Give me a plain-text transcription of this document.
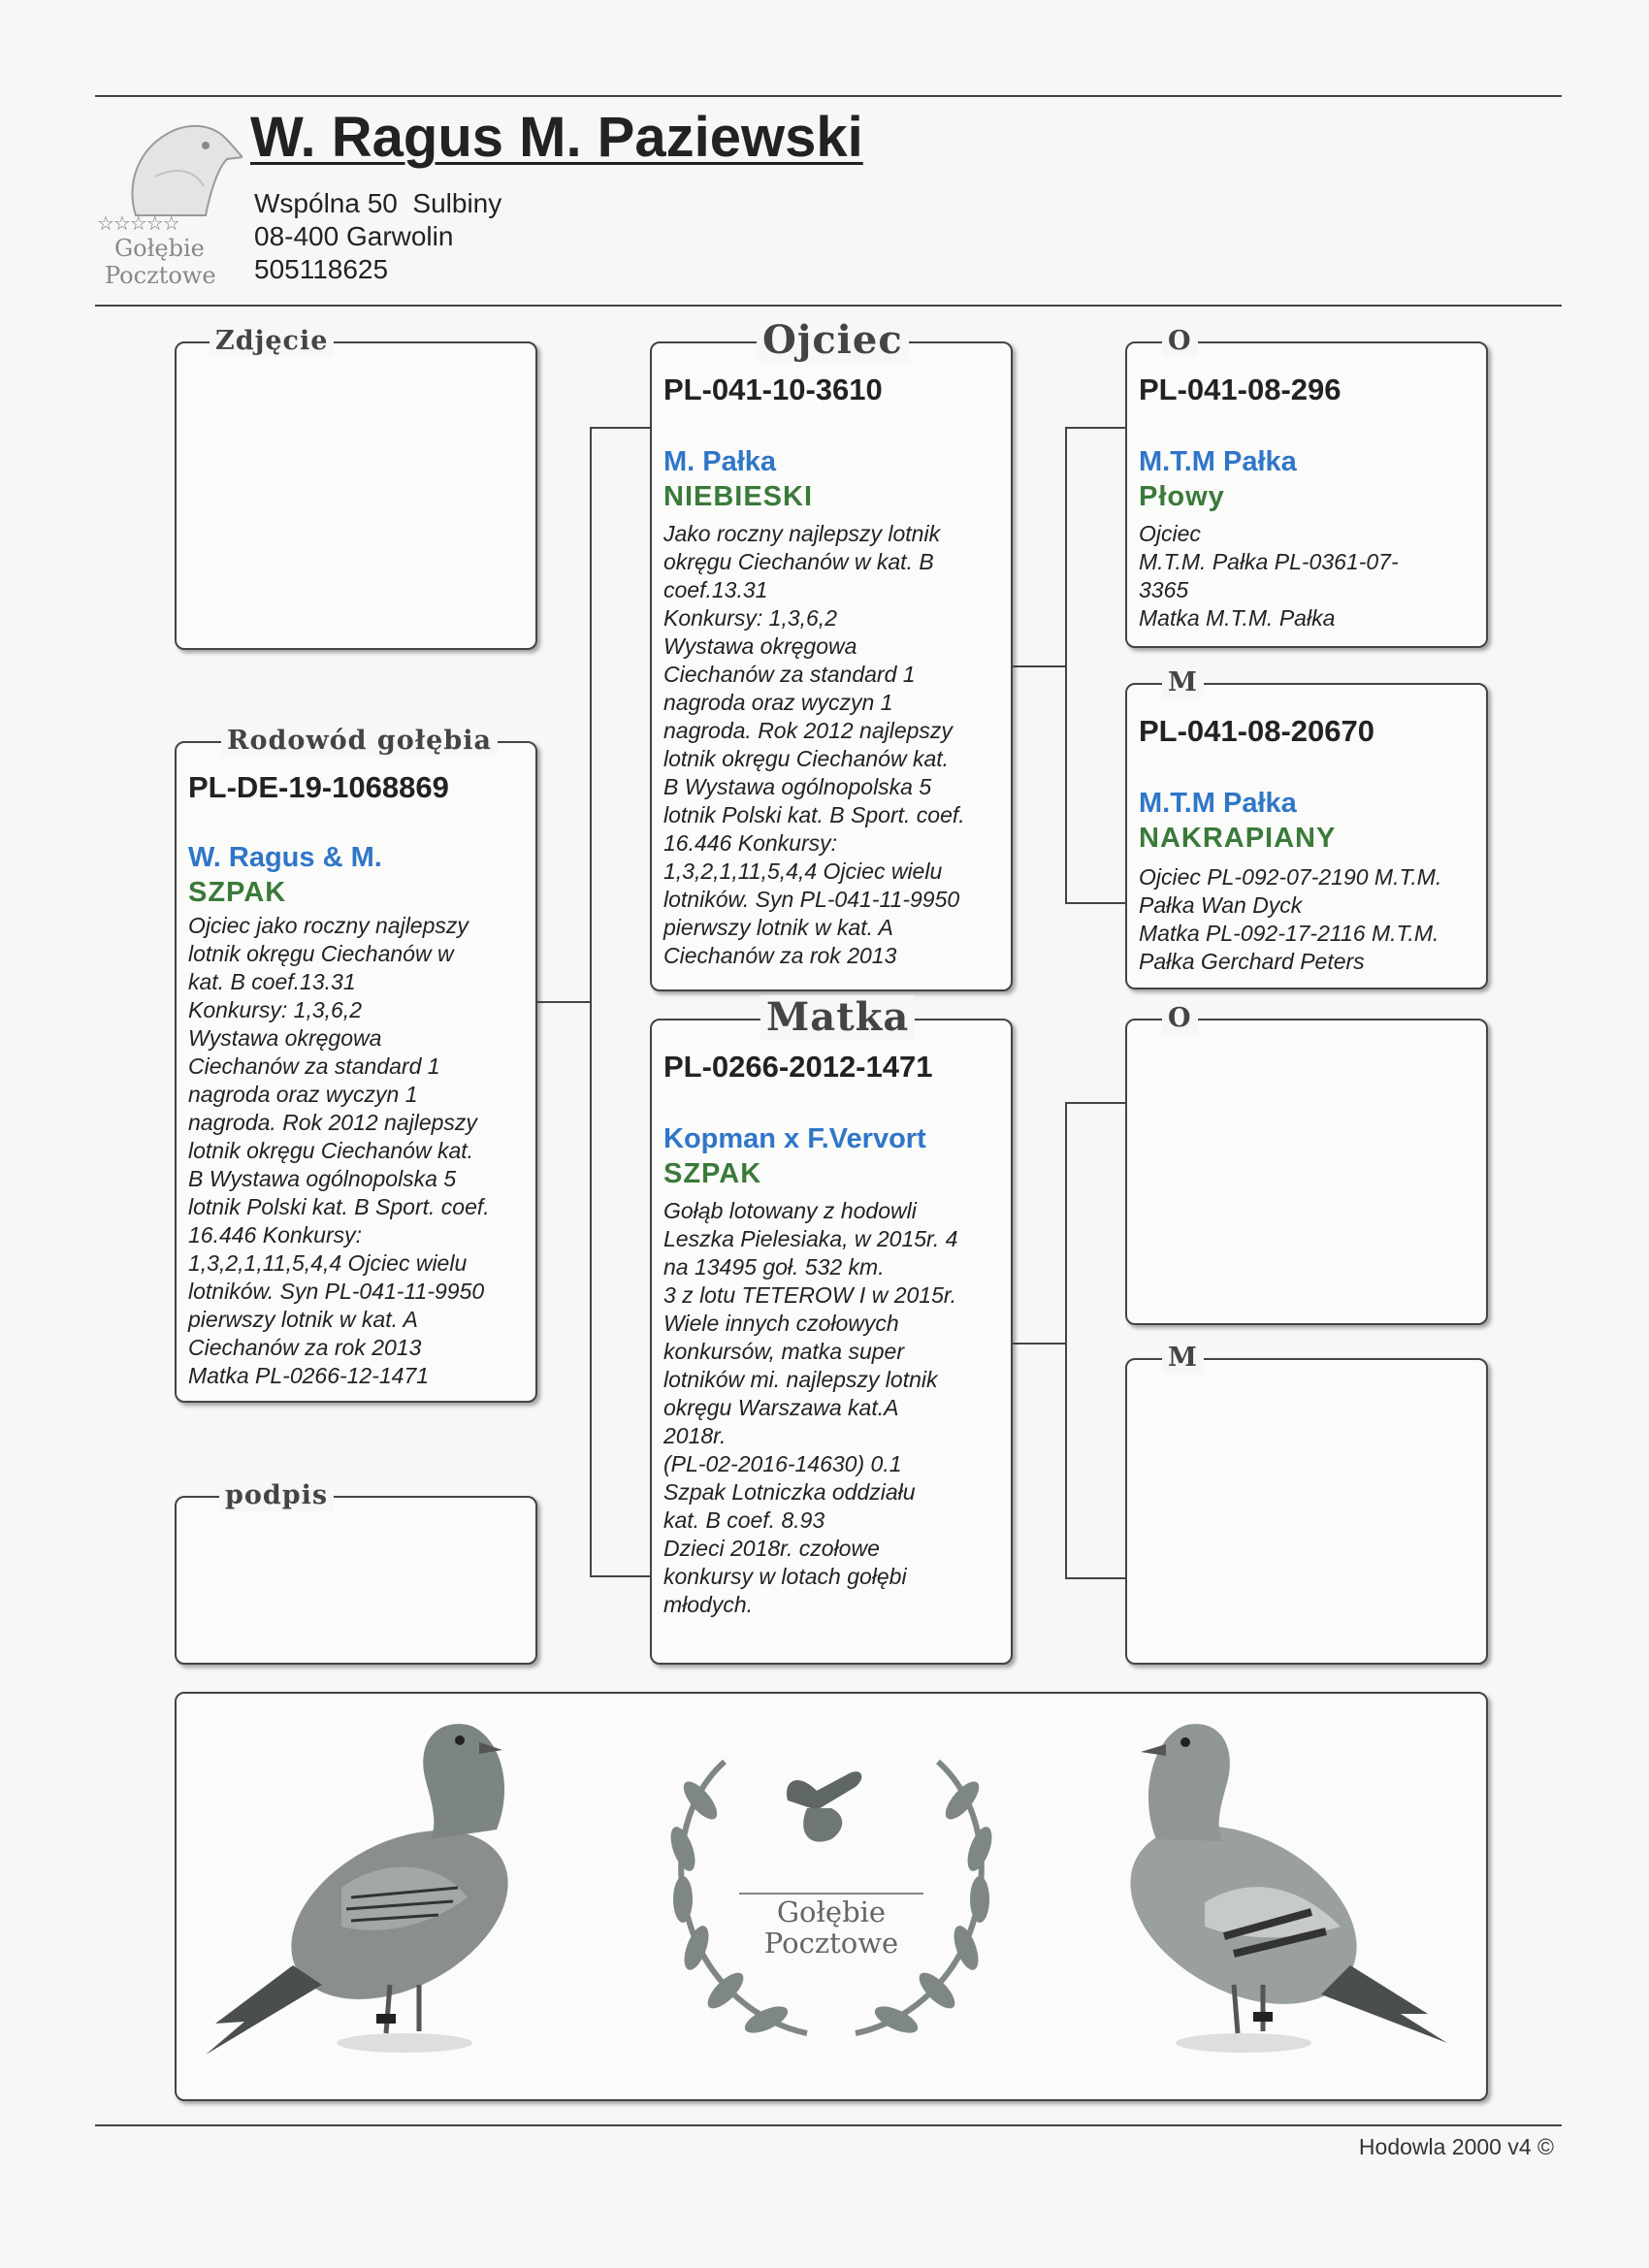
☆☆☆☆☆
Gołębie
Pocztowe
W. Ragus M. Paziewski
Wspólna 50  Sulbiny
08-400 Garwolin
505118625
Zdjęcie
Rodowód gołębia
PL-DE-19-1068869
W. Ragus & M.
SZPAK
Ojciec jako roczny najlepszy
lotnik okręgu Ciechanów w
kat. B coef.13.31
Konkursy: 1,3,6,2
Wystawa okręgowa
Ciechanów za standard 1
nagroda oraz wyczyn 1
nagroda. Rok 2012 najlepszy
lotnik okręgu Ciechanów kat.
B Wystawa ogólnopolska 5
lotnik Polski kat. B Sport. coef.
16.446 Konkursy:
1,3,2,1,11,5,4,4 Ojciec wielu
lotników. Syn PL-041-11-9950
pierwszy lotnik w kat. A
Ciechanów za rok 2013
Matka PL-0266-12-1471
podpis
Ojciec
PL-041-10-3610
M. Pałka
NIEBIESKI
Jako roczny najlepszy lotnik
okręgu Ciechanów w kat. B
coef.13.31
Konkursy: 1,3,6,2
Wystawa okręgowa
Ciechanów za standard 1
nagroda oraz wyczyn 1
nagroda. Rok 2012 najlepszy
lotnik okręgu Ciechanów kat.
B Wystawa ogólnopolska 5
lotnik Polski kat. B Sport. coef.
16.446 Konkursy:
1,3,2,1,11,5,4,4 Ojciec wielu
lotników. Syn PL-041-11-9950
pierwszy lotnik w kat. A
Ciechanów za rok 2013
Matka
PL-0266-2012-1471
Kopman x F.Vervort
SZPAK
Gołąb lotowany z hodowli
Leszka Pielesiaka, w 2015r. 4
na 13495 goł. 532 km.
3 z lotu TETEROW I w 2015r.
Wiele innych czołowych
konkursów, matka super
lotników mi. najlepszy lotnik
okręgu Warszawa kat.A
2018r.
(PL-02-2016-14630) 0.1
Szpak Lotniczka oddziału
kat. B coef. 8.93
Dzieci 2018r. czołowe
konkursy w lotach gołębi
młodych.
O
PL-041-08-296
M.T.M Pałka
Płowy
Ojciec
M.T.M. Pałka PL-0361-07-
3365
Matka M.T.M. Pałka
M
PL-041-08-20670
M.T.M Pałka
NAKRAPIANY
Ojciec PL-092-07-2190 M.T.M.
Pałka Wan Dyck
Matka PL-092-17-2116 M.T.M.
Pałka Gerchard Peters
O
M
Gołębie
Pocztowe
Hodowla 2000 v4 ©
